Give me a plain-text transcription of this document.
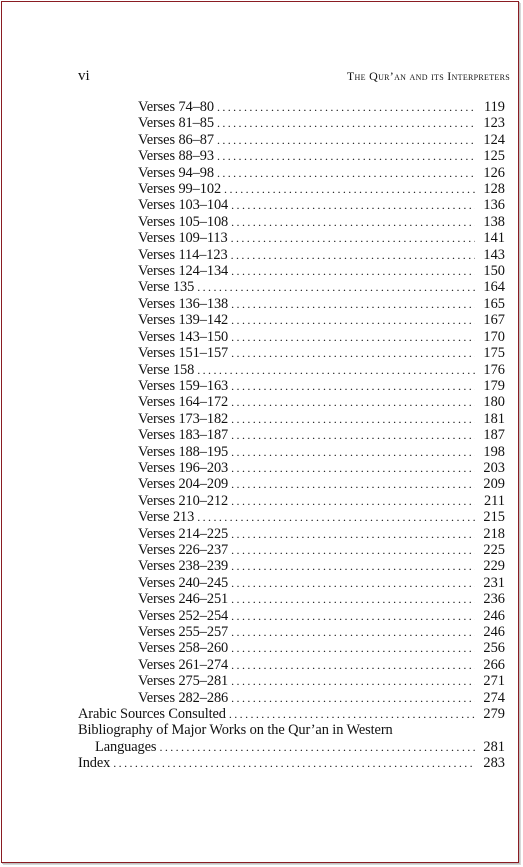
vi	The Qur’an and its Interpreters
Verses 74–80 .....	119
Verses 81–85 .....	123
Verses 86–87 .....	124
Verses 88–93 .....	125
Verses 94–98 .....	126
Verses 99–102 .....	128
Verses 103–104 .....	136
Verses 105–108 .....	138
Verses 109–113 .....	141
Verses 114–123 .....	143
Verses 124–134 .....	150
Verse 135 .....	164
Verses 136–138 .....	165
Verses 139–142 .....	167
Verses 143–150 .....	170
Verses 151–157 .....	175
Verse 158 .....	176
Verses 159–163 .....	179
Verses 164–172 .....	180
Verses 173–182 .....	181
Verses 183–187 .....	187
Verses 188–195 .....	198
Verses 196–203 .....	203
Verses 204–209 .....	209
Verses 210–212 .....	211
Verse 213 .....	215
Verses 214–225 .....	218
Verses 226–237 .....	225
Verses 238–239 .....	229
Verses 240–245 .....	231
Verses 246–251 .....	236
Verses 252–254 .....	246
Verses 255–257 .....	246
Verses 258–260 .....	256
Verses 261–274 .....	266
Verses 275–281 .....	271
Verses 282–286 .....	274
Arabic Sources Consulted .....	279
Bibliography of Major Works on the Qur’an in Western
Languages .....	281
Index .....	283
